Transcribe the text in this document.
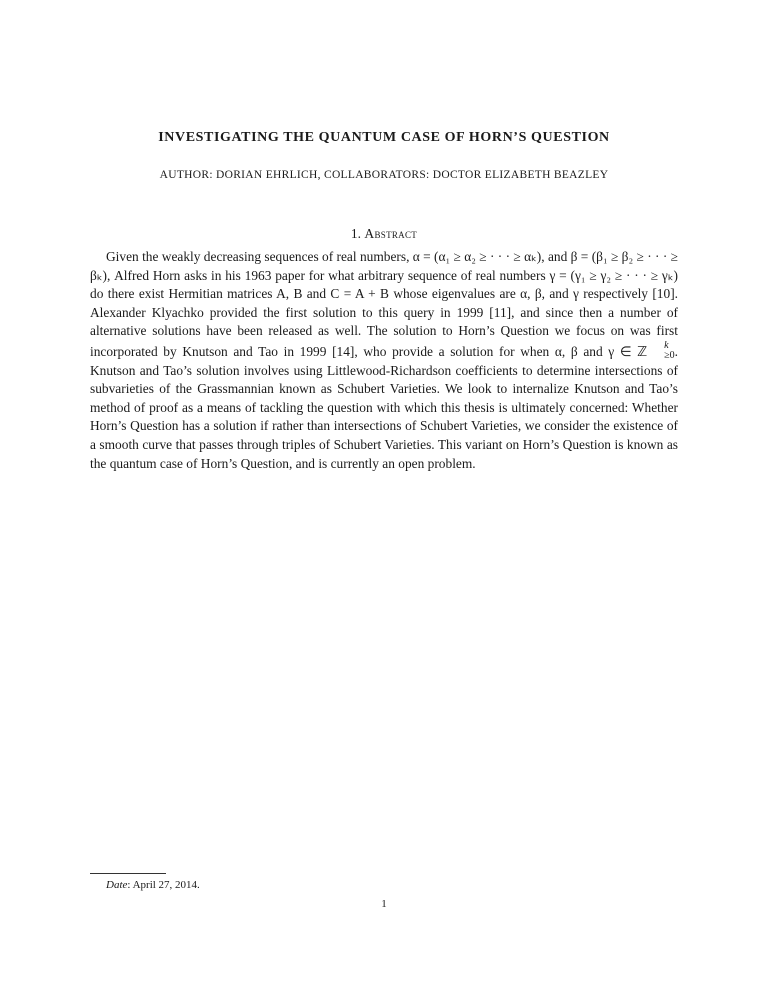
INVESTIGATING THE QUANTUM CASE OF HORN’S QUESTION
AUTHOR: DORIAN EHRLICH, COLLABORATORS: DOCTOR ELIZABETH BEAZLEY
1. Abstract

Given the weakly decreasing sequences of real numbers, α = (α₁ ≥ α₂ ≥ · · · ≥ αₖ), and β = (β₁ ≥ β₂ ≥ · · · ≥ βₖ), Alfred Horn asks in his 1963 paper for what arbitrary sequence of real numbers γ = (γ₁ ≥ γ₂ ≥ · · · ≥ γₖ) do there exist Hermitian matrices A, B and C = A + B whose eigenvalues are α, β, and γ respectively [10]. Alexander Klyachko provided the first solution to this query in 1999 [11], and since then a number of alternative solutions have been released as well. The solution to Horn’s Question we focus on was first incorporated by Knutson and Tao in 1999 [14], who provide a solution for when α, β and γ ∈ ℤ	k
≥0 . Knutson and Tao’s solution involves using Littlewood-Richardson coefficients to determine intersections of subvarieties of the Grassmannian known as Schubert Varieties. We look to internalize Knutson and Tao’s method of proof as a means of tackling the question with which this thesis is ultimately concerned: Whether Horn’s Question has a solution if rather than intersections of Schubert Varieties, we consider the existence of a smooth curve that passes through triples of Schubert Varieties. This variant on Horn’s Question is known as the quantum case of Horn’s Question, and is currently an open problem.

Date: April 27, 2014.
1
